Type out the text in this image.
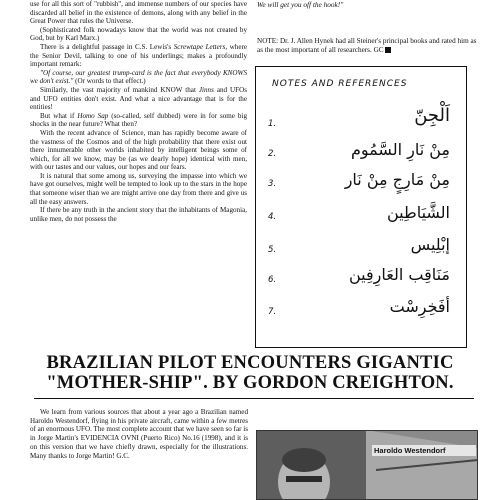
use for all this sort of "rubbish", and immense numbers of our species have discarded all belief in the existence of demons, along with any belief in the Great Power that rules the Universe.

(Sophisticated folk nowadays know that the world was not created by God, but by Karl Marx.)

There is a delightful passage in C.S. Lewis's Screwtape Letters, where the Senior Devil, talking to one of his underlings; makes a profoundly important remark:

"Of course, our greatest trump-card is the fact that everybody KNOWS we don't exist." (Or words to that effect.)

Similarly, the vast majority of mankind KNOW that Jinns and UFOs and UFO entities don't exist. And what a nice advantage that is for the entities!

But what if Homo Sap (so-called, self dubbed) were in for some big shocks in the near future? What then?

With the recent advance of Science, man has rapidly become aware of the vastness of the Cosmos and of the high probability that there exist out there innumerable other worlds inhabited by intelligent beings some of which, for all we know, may be (as we dearly hope) identical with men, with our tastes and our values, our hopes and our fears.

It is natural that some among us, surveying the impasse into which we have got ourselves, might well be tempted to look up to the stars in the hope that someone wiser than we are might arrive one day from there and give us all the easy answers.

If there be any truth in the ancient story that the inhabitants of Magonia, unlike men, do not possess the

We will get you off the hook!"
NOTE: Dr. J. Allen Hynek had all Steiner's principal books and rated him as as the most important of all researchers. GC
NOTES AND REFERENCES
1.	اَلْجِنّ
2.	مِنْ نَارِ السَّمُوم
3.	مِنْ مَارِجٍ مِنْ نَار
4.	الشَّيَاطِين
5.	إبْلِيس
6.	مَنَاقِب العَارِفِين
7.	أفَخِرِسْت
BRAZILIAN PILOT ENCOUNTERS GIGANTIC
"MOTHER-SHIP". BY GORDON CREIGHTON.

We learn from various sources that about a year ago a Brazilian named Haroldo Westendorf, flying in his private aircraft, came within a few metres of an enormous UFO. The most complete account that we have seen so far is in Jorge Martin's EVIDENCIA OVNI (Puerto Rico) No.16 (1998), and it is on this version that we have chiefly drawn, especially for the illustrations. Many thanks to Jorge Martin! G.C.

Haroldo Westendorf
